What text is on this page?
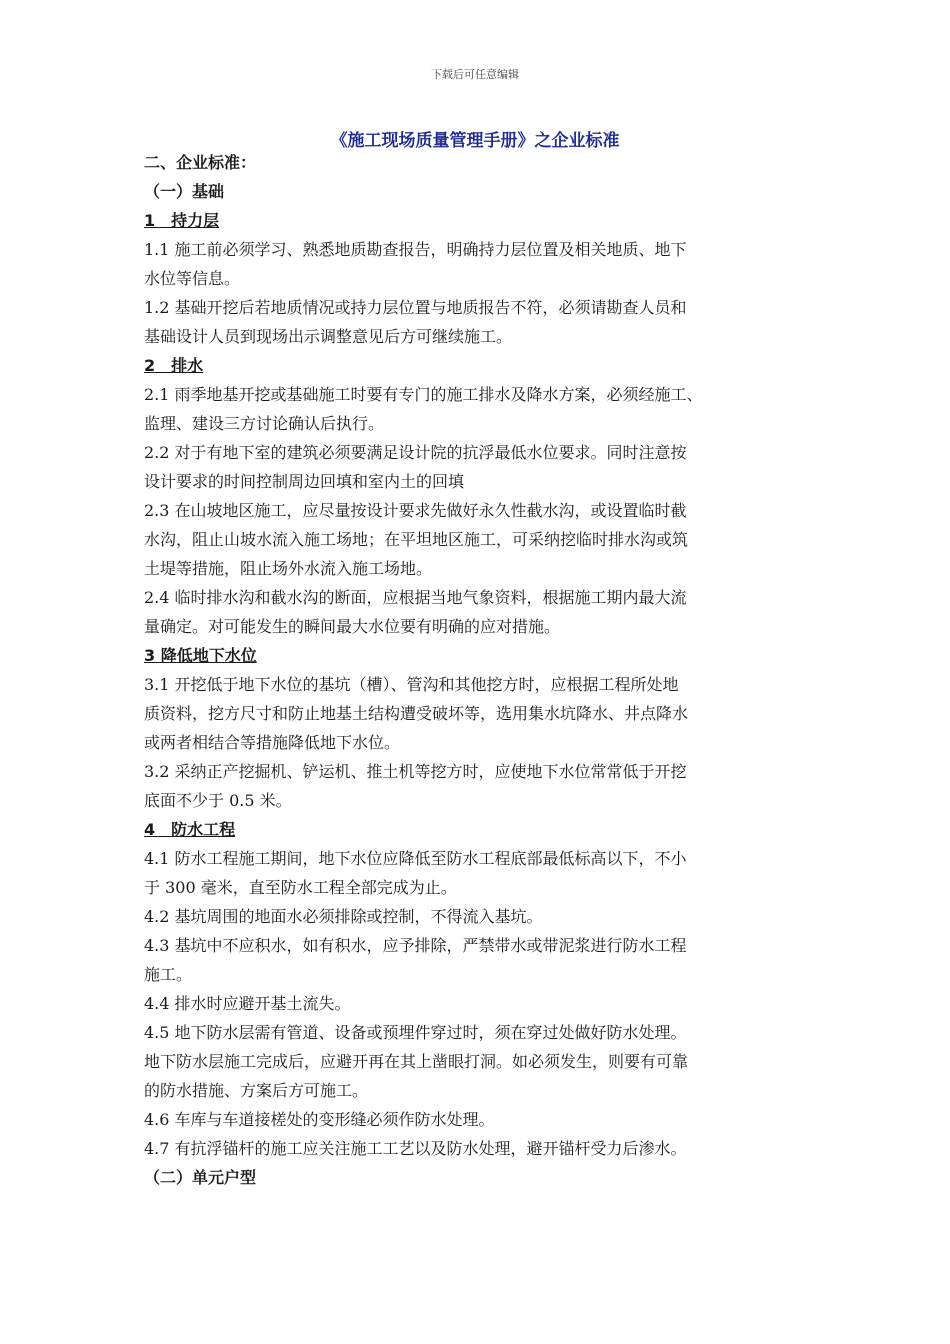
下载后可任意编辑
《施工现场质量管理手册》之企业标准
二、企业标准：
（一）基础
1　持力层
1.1 施工前必须学习、熟悉地质勘查报告，明确持力层位置及相关地质、地下
水位等信息。
1.2 基础开挖后若地质情况或持力层位置与地质报告不符，必须请勘查人员和
基础设计人员到现场出示调整意见后方可继续施工。
2　排水
2.1 雨季地基开挖或基础施工时要有专门的施工排水及降水方案，必须经施工、
监理、建设三方讨论确认后执行。
2.2 对于有地下室的建筑必须要满足设计院的抗浮最低水位要求。同时注意按
设计要求的时间控制周边回填和室内土的回填
2.3 在山坡地区施工，应尽量按设计要求先做好永久性截水沟，或设置临时截
水沟，阻止山坡水流入施工场地；在平坦地区施工，可采纳挖临时排水沟或筑
土堤等措施，阻止场外水流入施工场地。
2.4 临时排水沟和截水沟的断面，应根据当地气象资料，根据施工期内最大流
量确定。对可能发生的瞬间最大水位要有明确的应对措施。
3 降低地下水位
3.1 开挖低于地下水位的基坑（槽）、管沟和其他挖方时，应根据工程所处地
质资料，挖方尺寸和防止地基土结构遭受破坏等，选用集水坑降水、井点降水
或两者相结合等措施降低地下水位。
3.2 采纳正产挖掘机、铲运机、推土机等挖方时，应使地下水位常常低于开挖
底面不少于 0.5 米。
4　防水工程
4.1 防水工程施工期间，地下水位应降低至防水工程底部最低标高以下，不小
于 300 毫米，直至防水工程全部完成为止。
4.2 基坑周围的地面水必须排除或控制，不得流入基坑。
4.3 基坑中不应积水，如有积水，应予排除，严禁带水或带泥浆进行防水工程
施工。
4.4 排水时应避开基土流失。
4.5 地下防水层需有管道、设备或预埋件穿过时，须在穿过处做好防水处理。
地下防水层施工完成后，应避开再在其上凿眼打洞。如必须发生，则要有可靠
的防水措施、方案后方可施工。
4.6 车库与车道接槎处的变形缝必须作防水处理。
4.7 有抗浮锚杆的施工应关注施工工艺以及防水处理，避开锚杆受力后渗水。
（二）单元户型
